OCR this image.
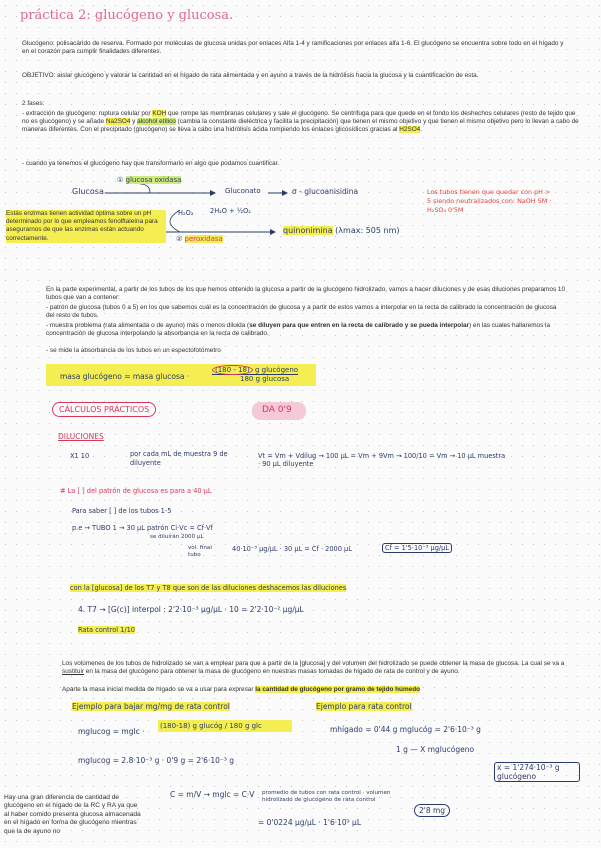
práctica 2: glucógeno y glucosa.
Glucógeno: polisacárido de reserva. Formado por moléculas de glucosa unidas por enlaces Alfa 1-4 y ramificaciones por enlaces alfa 1-6. El glucógeno se encuentra sobre todo en el hígado y en el corazón para cumplir finalidades diferentes.
OBJETIVO: aislar glucógeno y valorar la cantidad en el hígado de rata alimentada y en ayuno a través de la hidrólisis hacia la glucosa y la cuantificación de esta.
2 fases:
- extracción de glucógeno: ruptura celular por KOH que rompe las membranas celulares y sale el glucógeno. Se centrifuga para que quede en el fondo los deshechos celulares (resto de tejido que no es glucógeno) y se añade Na2SO4 y alcohol etílico (cambia la constante dieléctrica y facilita la precipitación) que tienen el mismo objetivo y que tienen el mismo objetivo pero lo llevan a cabo de maneras diferentes. Con el precipitado (glucógeno) se lleva a cabo una hidrólisis ácida rompiendo los enlaces glicosídicos gracias al H2SO4.
- cuando ya tenemos el glucógeno hay que transformarlo en algo que podamos cuantificar.
Glucosa
① glucosa oxidasa
Gluconato	σ - glucoanisidina
H₂O₂	2H₂O + ½O₂
② peroxidasa
quinonimina (λmax: 505 nm)
Los tubos tienen que quedar con pH > 5 siendo neutralizados con: NaOH 5M · H₂SO₄ 0'5M
Estás enzimas tienen actividad óptima sobre un pH determinado por lo que empleamos fenolftaleína para asegurarnos de que las enzimas están actuando correctamente.
En la parte experimental, a partir de los tubos de los que hemos obtenido la glucosa a partir de la glucógeno hidrolizado, vamos a hacer diluciones y de esas diluciones preparamos 10 tubos que van a contener:
- patrón de glucosa (tubos 0 a 5) en los que sabemos cuál es la concentración de glucosa y a partir de estos vamos a interpolar en la recta de calibrado la concentración de glucosa del resto de tubos.
- muestra problema (rata alimentada o de ayuno) más o menos diluida (se diluyen para que entren en la recta de calibrado y se pueda interpolar) en las cuales hallaremos la concentración de glucosa interpolando la absorbancia en la recta de calibrado.
- se mide la absorbancia de los tubos en un espectofotómetro
masa glucógeno = masa glucosa ·
(180 - 18) g glucógeno
180 g glucosa
DA 0'9
CÁLCULOS PRÁCTICOS
DILUCIONES
X1 10	por cada mL de muestra 9 de diluyente
Vt = Vm + Vdilug → 100 μL = Vm + 9Vm → 100/10 = Vm → 10 μL muestra · 90 μL diluyente
# La [ ] del patrón de glucosa es para a 40 μL
Para saber [ ] de los tubos 1-5
p.e → TUBO 1 → 30 μL patrón Ci·Vc = Cf·Vf
se diluirán 2000 μL
vol. final tubo
40·10⁻³ μg/μL · 30 μL = Cf · 2000 μL	Cf = 1'5·10⁻³ μg/μL
con la [glucosa] de los T7 y T8 que son de las diluciones deshacemos las diluciones
4. T7 → [G(c)] interpol : 2'2·10⁻³ μg/μL · 10 = 2'2·10⁻² μg/μL
Rata control 1/10
Los volúmenes de los tubos de hidrolizado se van a emplear para que a partir de la [glucosa] y del volumen del hidrolizado se puede obtener la masa de glucosa. La cual se va a sustituir en la masa del glucógeno para obtener la masa de glucógeno en nuestras masas tomadas de hígado de rata de control y de ayuno.
Aparte la masa inicial medida de hígado se va a usar para expresar la cantidad de glucógeno por gramo de tejido húmedo
Ejemplo para bajar mg/mg de rata control	Ejemplo para rata control
mglucog = mglc ·
(180-18) g glucóg / 180 g glc
mglucog = 2.8·10⁻³ g · 0'9 g = 2'6·10⁻³ g
mhígado = 0'44 g mglucóg = 2'6·10⁻³ g
1 g — X mglucógeno
x = 1'274·10⁻³ g glucógeno
C = m/V → mglc = C·V promedio de tubos con rata control · volumen hidrolizado de glucógeno de rata control
= 0'0224 μg/μL · 1'6·10³ μL
2'8 mg
Hay una gran diferencia de cantidad de glucógeno en el hígado de la RC y RA ya que al haber comido presenta glucosa almacenada en el hígado en forma de glucógeno mientras que la de ayuno no
